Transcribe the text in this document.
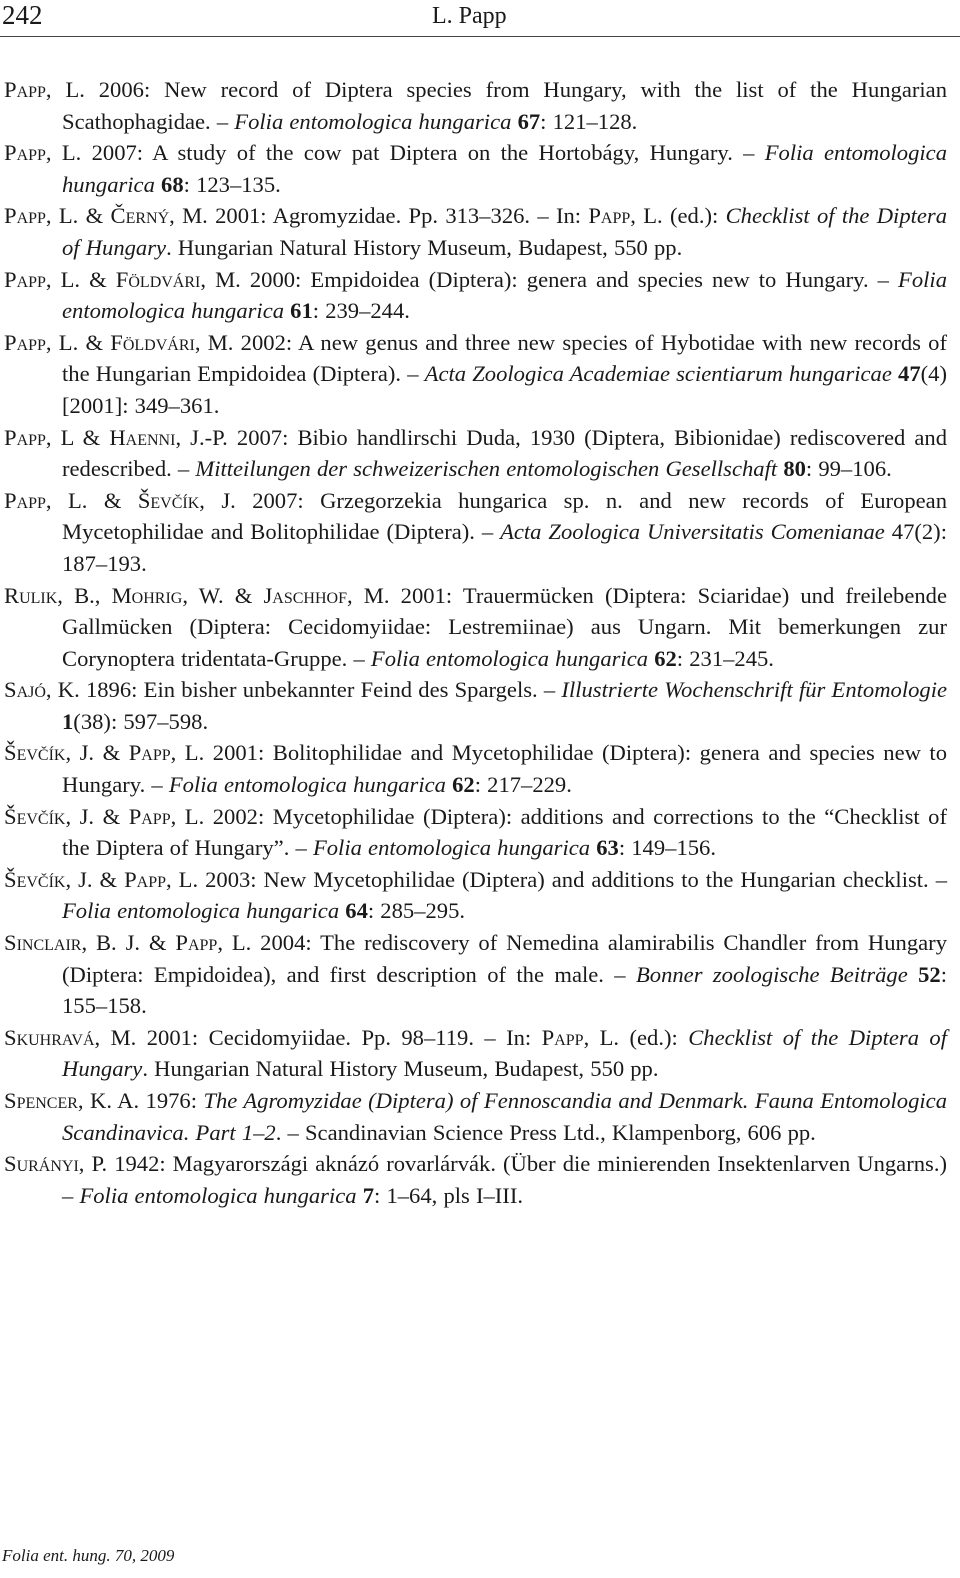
242	L. Papp
Papp, L. 2006: New record of Diptera species from Hungary, with the list of the Hungarian Scathophagidae. – Folia entomologica hungarica 67: 121–128.
Papp, L. 2007: A study of the cow pat Diptera on the Hortobágy, Hungary. – Folia entomologica hungarica 68: 123–135.
Papp, L. & Černý, M. 2001: Agromyzidae. Pp. 313–326. – In: Papp, L. (ed.): Checklist of the Diptera of Hungary. Hungarian Natural History Museum, Budapest, 550 pp.
Papp, L. & Földvári, M. 2000: Empidoidea (Diptera): genera and species new to Hungary. – Folia entomologica hungarica 61: 239–244.
Papp, L. & Földvári, M. 2002: A new genus and three new species of Hybotidae with new records of the Hungarian Empidoidea (Diptera). – Acta Zoologica Academiae scientiarum hungaricae 47(4) [2001]: 349–361.
Papp, L & Haenni, J.-P. 2007: Bibio handlirschi Duda, 1930 (Diptera, Bibionidae) rediscovered and redescribed. – Mitteilungen der schweizerischen entomologischen Gesellschaft 80: 99–106.
Papp, L. & Ševčík, J. 2007: Grzegorzekia hungarica sp. n. and new records of European Mycetophilidae and Bolitophilidae (Diptera). – Acta Zoologica Universitatis Comenianae 47(2): 187–193.
Rulik, B., Mohrig, W. & Jaschhof, M. 2001: Trauermücken (Diptera: Sciaridae) und freilebende Gallmücken (Diptera: Cecidomyiidae: Lestremiinae) aus Ungarn. Mit bemerkungen zur Corynoptera tridentata-Gruppe. – Folia entomologica hungarica 62: 231–245.
Sajó, K. 1896: Ein bisher unbekannter Feind des Spargels. – Illustrierte Wochenschrift für Entomologie 1(38): 597–598.
Ševčík, J. & Papp, L. 2001: Bolitophilidae and Mycetophilidae (Diptera): genera and species new to Hungary. – Folia entomologica hungarica 62: 217–229.
Ševčík, J. & Papp, L. 2002: Mycetophilidae (Diptera): additions and corrections to the “Checklist of the Diptera of Hungary”. – Folia entomologica hungarica 63: 149–156.
Ševčík, J. & Papp, L. 2003: New Mycetophilidae (Diptera) and additions to the Hungarian checklist. – Folia entomologica hungarica 64: 285–295.
Sinclair, B. J. & Papp, L. 2004: The rediscovery of Nemedina alamirabilis Chandler from Hungary (Diptera: Empidoidea), and first description of the male. – Bonner zoologische Beiträge 52: 155–158.
Skuhravá, M. 2001: Cecidomyiidae. Pp. 98–119. – In: Papp, L. (ed.): Checklist of the Diptera of Hungary. Hungarian Natural History Museum, Budapest, 550 pp.
Spencer, K. A. 1976: The Agromyzidae (Diptera) of Fennoscandia and Denmark. Fauna Entomologica Scandinavica. Part 1–2. – Scandinavian Science Press Ltd., Klampenborg, 606 pp.
Surányi, P. 1942: Magyarországi aknázó rovarlárvák. (Über die minierenden Insektenlarven Ungarns.) – Folia entomologica hungarica 7: 1–64, pls I–III.
Folia ent. hung. 70, 2009
